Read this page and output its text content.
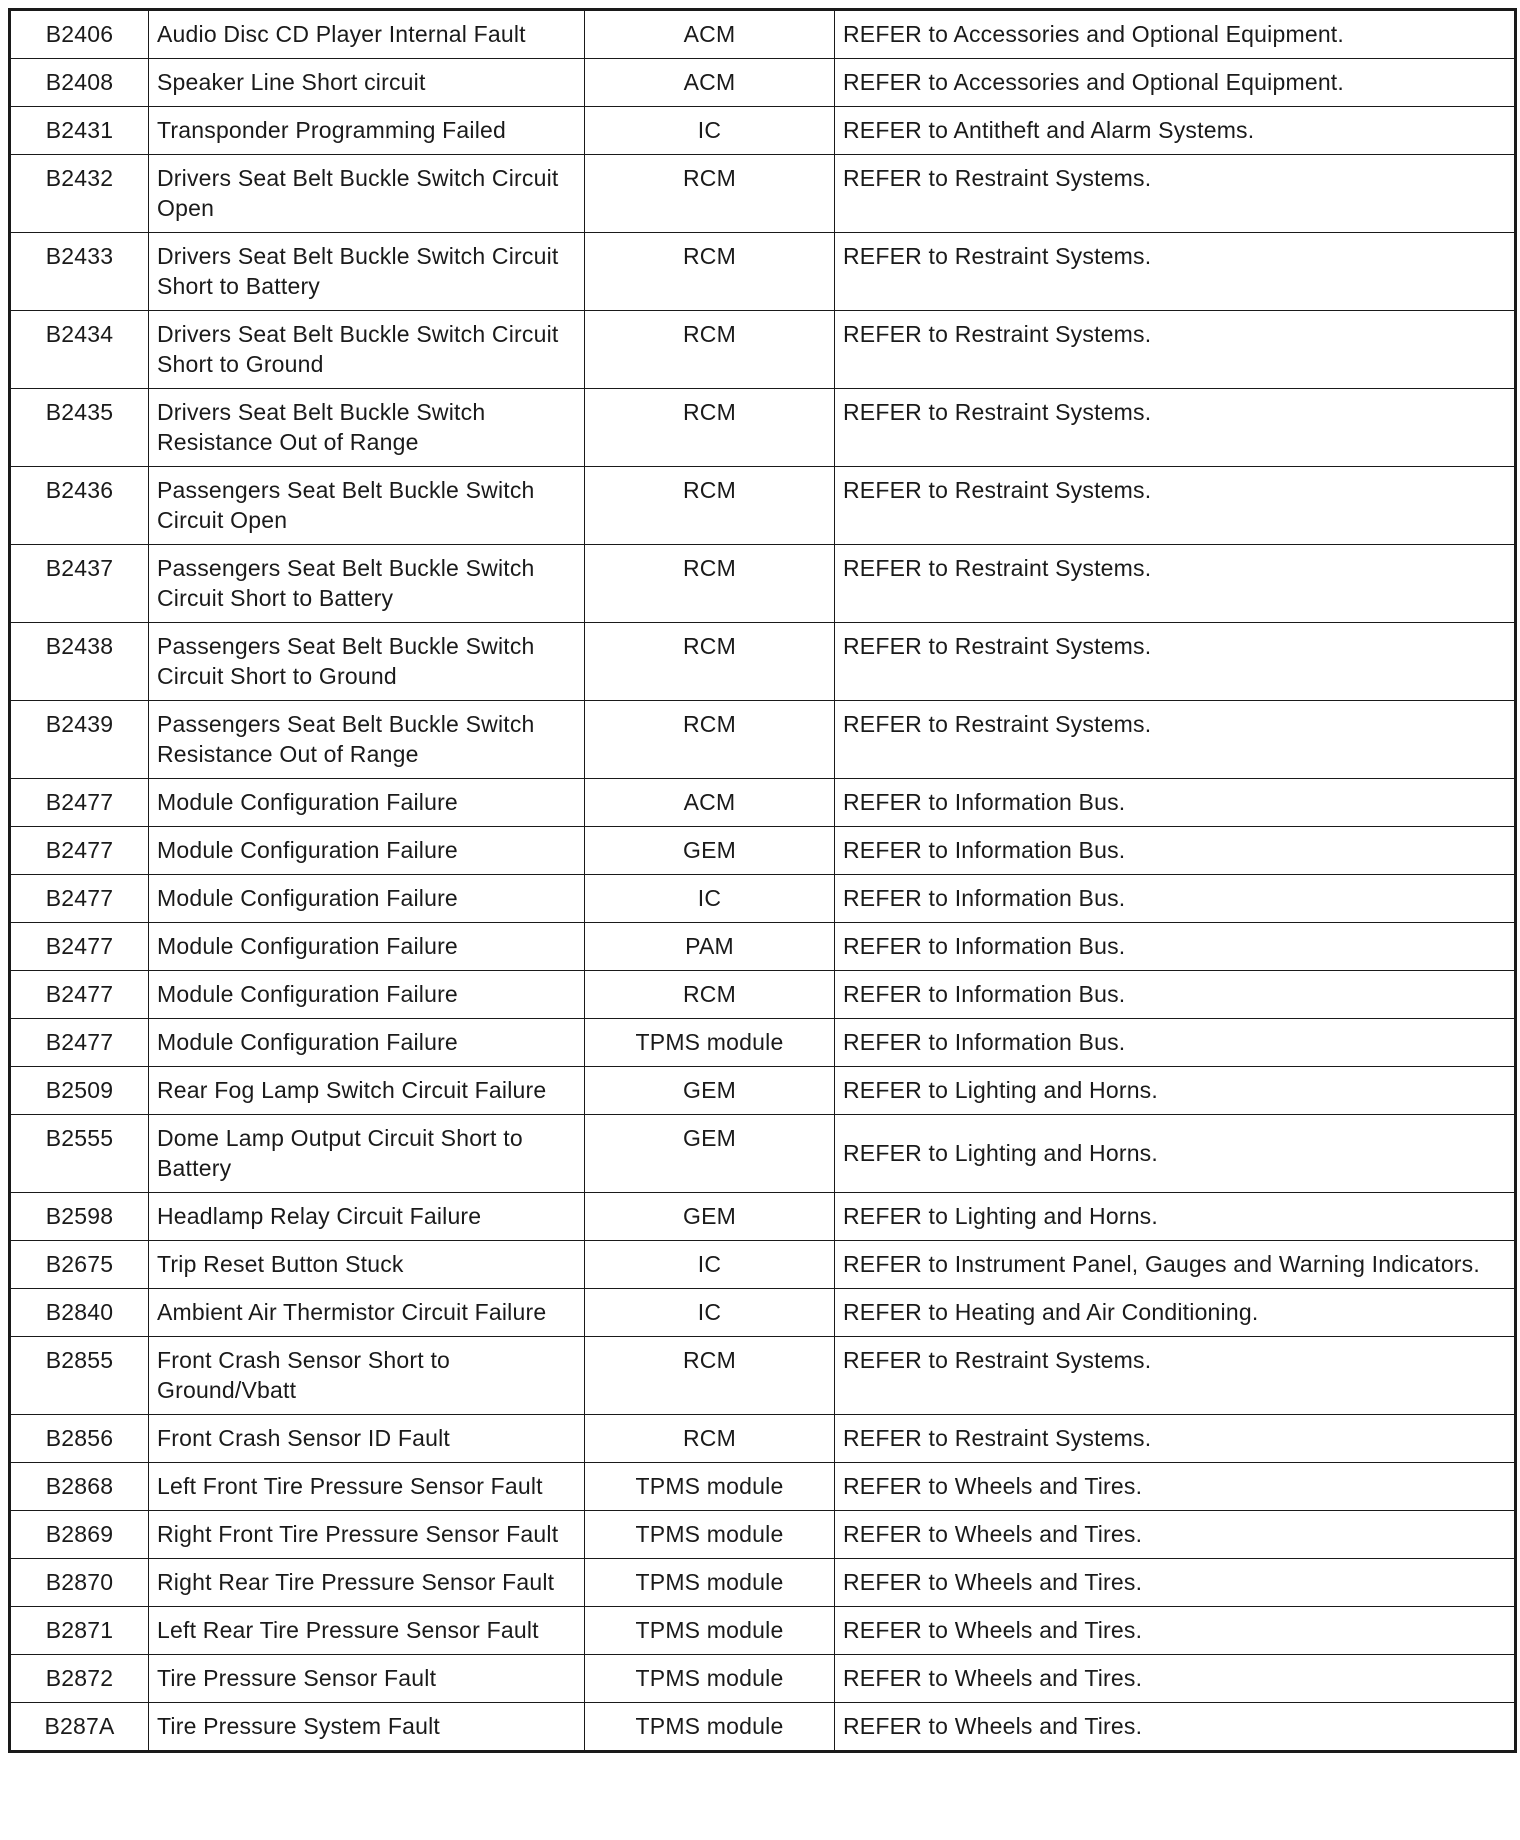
B2406	Audio Disc CD Player Internal Fault	ACM	REFER to Accessories and Optional Equipment.
B2408	Speaker Line Short circuit	ACM	REFER to Accessories and Optional Equipment.
B2431	Transponder Programming Failed	IC	REFER to Antitheft and Alarm Systems.
B2432	Drivers Seat Belt Buckle Switch Circuit Open	RCM	REFER to Restraint Systems.
B2433	Drivers Seat Belt Buckle Switch Circuit Short to Battery	RCM	REFER to Restraint Systems.
B2434	Drivers Seat Belt Buckle Switch Circuit Short to Ground	RCM	REFER to Restraint Systems.
B2435	Drivers Seat Belt Buckle Switch Resistance Out of Range	RCM	REFER to Restraint Systems.
B2436	Passengers Seat Belt Buckle Switch Circuit Open	RCM	REFER to Restraint Systems.
B2437	Passengers Seat Belt Buckle Switch Circuit Short to Battery	RCM	REFER to Restraint Systems.
B2438	Passengers Seat Belt Buckle Switch Circuit Short to Ground	RCM	REFER to Restraint Systems.
B2439	Passengers Seat Belt Buckle Switch Resistance Out of Range	RCM	REFER to Restraint Systems.
B2477	Module Configuration Failure	ACM	REFER to Information Bus.
B2477	Module Configuration Failure	GEM	REFER to Information Bus.
B2477	Module Configuration Failure	IC	REFER to Information Bus.
B2477	Module Configuration Failure	PAM	REFER to Information Bus.
B2477	Module Configuration Failure	RCM	REFER to Information Bus.
B2477	Module Configuration Failure	TPMS module	REFER to Information Bus.
B2509	Rear Fog Lamp Switch Circuit Failure	GEM	REFER to Lighting and Horns.
B2555	Dome Lamp Output Circuit Short to Battery	GEM	REFER to Lighting and Horns.
B2598	Headlamp Relay Circuit Failure	GEM	REFER to Lighting and Horns.
B2675	Trip Reset Button Stuck	IC	REFER to Instrument Panel, Gauges and Warning Indicators.
B2840	Ambient Air Thermistor Circuit Failure	IC	REFER to Heating and Air Conditioning.
B2855	Front Crash Sensor Short to Ground/Vbatt	RCM	REFER to Restraint Systems.
B2856	Front Crash Sensor ID Fault	RCM	REFER to Restraint Systems.
B2868	Left Front Tire Pressure Sensor Fault	TPMS module	REFER to Wheels and Tires.
B2869	Right Front Tire Pressure Sensor Fault	TPMS module	REFER to Wheels and Tires.
B2870	Right Rear Tire Pressure Sensor Fault	TPMS module	REFER to Wheels and Tires.
B2871	Left Rear Tire Pressure Sensor Fault	TPMS module	REFER to Wheels and Tires.
B2872	Tire Pressure Sensor Fault	TPMS module	REFER to Wheels and Tires.
B287A	Tire Pressure System Fault	TPMS module	REFER to Wheels and Tires.
